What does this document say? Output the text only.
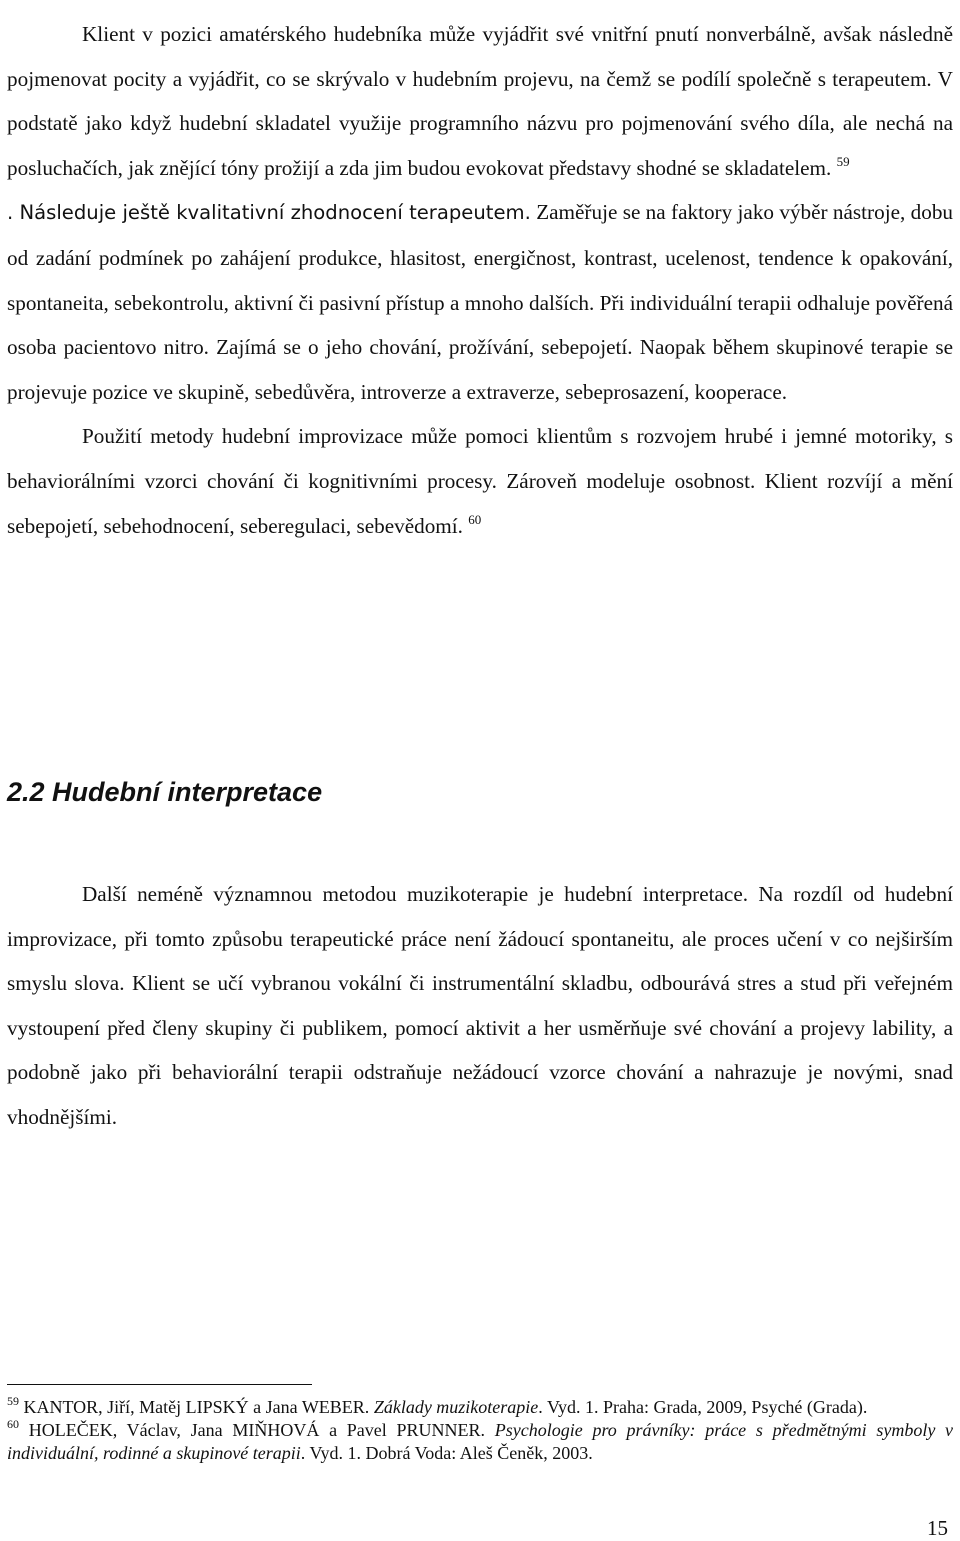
Klient v pozici amatérského hudebníka může vyjádřit své vnitřní pnutí nonverbálně, avšak následně pojmenovat pocity a vyjádřit, co se skrývalo v hudebním projevu, na čemž se podílí společně s terapeutem. V podstatě jako když hudební skladatel využije programního názvu pro pojmenování svého díla, ale nechá na posluchačích, jak znějící tóny prožijí a zda jim budou evokovat představy shodné se skladatelem. $^{59}$
. Následuje ještě kvalitativní zhodnocení terapeutem. Zaměřuje se na faktory jako výběr nástroje, dobu od zadání podmínek po zahájení produkce, hlasitost, energičnost, kontrast, ucelenost, tendence k opakování, spontaneita, sebekontrolu, aktivní či pasivní přístup a mnoho dalších. Při individuální terapii odhaluje pověřená osoba pacientovo nitro. Zajímá se o jeho chování, prožívání, sebepojetí. Naopak během skupinové terapie se projevuje pozice ve skupině, sebedůvěra, introverze a extraverze, sebeprosazení, kooperace.

Použití metody hudební improvizace může pomoci klientům s rozvojem hrubé i jemné motoriky, s behaviorálními vzorci chování či kognitivními procesy. Zároveň modeluje osobnost. Klient rozvíjí a mění sebepojetí, sebehodnocení, seberegulaci, sebevědomí. $^{60}$

2.2 Hudební interpretace

Další neméně významnou metodou muzikoterapie je hudební interpretace. Na rozdíl od hudební improvizace, při tomto způsobu terapeutické práce není žádoucí spontaneitu, ale proces učení v co nejširším smyslu slova. Klient se učí vybranou vokální či instrumentální skladbu, odbourává stres a stud při veřejném vystoupení před členy skupiny či publikem, pomocí aktivit a her usměrňuje své chování a projevy lability, a podobně jako při behaviorální terapii odstraňuje nežádoucí vzorce chování a nahrazuje je novými, snad vhodnějšími.

$^{59}$ KANTOR, Jiří, Matěj LIPSKÝ a Jana WEBER. Základy muzikoterapie. Vyd. 1. Praha: Grada, 2009, Psyché (Grada).

$^{60}$ HOLEČEK, Václav, Jana MIŇHOVÁ a Pavel PRUNNER. Psychologie pro právníky: práce s předmětnými symboly v individuální, rodinné a skupinové terapii. Vyd. 1. Dobrá Voda: Aleš Čeněk, 2003.

15
